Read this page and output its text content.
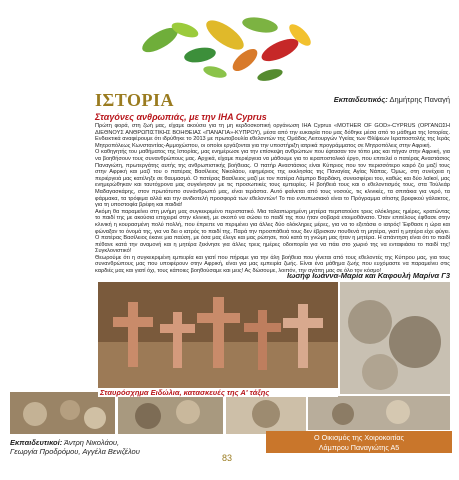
ΙΣΤΟΡΙΑ	Εκπαιδευτικός: Δημήτρης Παναγή
Σταγόνες ανθρωπιάς, με την IHA Cyprus

Πρώτη φορά, στη ζωή μας, είχαμε ακούσει για τη μη κερδοσκοπική οργάνωση IHA Cyprus «MOTHER OF GOD»-CYPRUS (ΟΡΓΑΝΩΣΗ ΔΙΕΘΝΟΥΣ ΑΝΘΡΩΠΙΣΤΙΚΗΣ ΒΟΗΘΕΙΑΣ «ΠΑΝΑΓΙΑ»-ΚΥΠΡΟΥ), μέσα από την ευκαιρία που μας δόθηκε μέσα από το μάθημα της Ιστορίας. Ενδεικτικά αναφέρουμε ότι ιδρύθηκε το 2013 με πρωτοβουλία εθελοντών της Ομάδας Λειτουργών Υγείας των Θλίψεων Ιεραποστολής της Ιεράς Μητροπόλεως Κωνσταντίας-Αμμοχώστου, οι οποίοι εργάζονται για την υποστήριξη ιατρικά προγράμματος σε Μητροπόλεις στην Αφρική.

Ο καθηγητής του μαθήματος της Ιστορίας, μας ενημέρωσε για την επίσκεψη ανθρώπων που έφτασαν τον τόπο μας και πήγαν στην Αφρική, για να βοηθήσουν τους συνανθρώπους μας. Αρχικά, είχαμε περιέργεια να μάθουμε για το ιεραποστολικό έργο, που επιτελεί ο πατέρας Αναστάσιος Παναγιώτη, πρωτεργάτης αυτής της ανθρωπιστικής βοήθειας. Ο πατήρ Αναστάσιος είναι Κύπριος που τον περισσότερο καιρό ζει μαζί τους στην Αφρική και μαζί του ο πατέρας Βασίλειος Νικολάου, εφημέριος της εκκλησίας της Παναγίας Αγίας Νάπας. Όμως, στη συνέχεια η περιέργειά μας κατέληξε σε θαυμασμό. Ο πατέρας Βασίλειος μαζί με τον πατέρα Λάμπρο Βαρδάκη, συνεισφέρει του, καθώς και δύο λαϊκοί, μας ενημερώθηκαν και ταυτόχρονα μας συγκίνησαν με τις προσωπικές τους εμπειρίες. Η βοήθειά τους και ο εθελοντισμός τους, στα Τούλεάρ Μαδαγασκάρης, στον πρωτότυπο συνάνθρωπό μας, είναι τεράστια. Αυτό φαίνεται από τους νοσούς, τις κλινικές, τα σπιτάκια για νερό, τα φάρμακα, τα τρόφιμα αλλά και την ανιδιοτελή προσφορά των εθελοντών! Το πιο εντυπωσιακό είναι το Πρόγραμμα σίτισης βρεφικού γάλακτος, για τη υποστοφία βρέφη και παιδιά!

Ακόμη θα παραμείνει στη μνήμη μας συγκεκριμένο περιστατικό. Μια ταλαιπωρημένη μητέρα περπατούσε τρεις ολόκληρες ημέρες, κρατώντας το παιδί της με ακούσια επιχειρεί στην κλινική, με σκοπό να σώσει το παιδί της που ήταν σοβαρά ετοιμοθάνατο. Όταν επιτέλους έφθασε στην κλινική η κουρασμένη πολύ πολλή, που έπρεπε να περιμένει για άλλες δύο ολόκληρες μέρες, για να το εξετάσει ο ιατρός! Έφθασε η ώρα και φώναξαν το όνομά της, για να δει ο ιατρός το παιδί της. Παρά την προσπάθειά τους δεν έβρισκαν πουθενά τη μητέρα, γιατί η μητέρα είχε φύγει. Ο πατέρας Βασίλειος έκανε μια παύση, με όσα μας έλεγε και μας ρώτησε, πού κατά τη γνώμη μας ήταν η μητέρα. Η απάντηση είναι ότι το παιδί πέθανε κατά την αναμονή και η μητέρα ξεκίνησε για άλλες τρεις ημέρες οδοιπορία για να πάει στο χωριό της να ενταφιάσει το παιδί της! Συγκλονιστικό!

Θεωρούμε ότι η συγκεκριμένη εμπειρία και γιατί που πήραμε για την άλη βοήθεια που γίνεται από τους εθελοντές της Κύπρου μας, για τους συνανθρώπους μας που υποφέρουν στην Αφρική, είναι για μας εμπειρία ζωής. Είναι ένα μάθημα ζωής που ευχόμαστε να παραμείνει στις καρδιές μας και γιατί όχι, τους κάποιες βοηθούσαμε και μεις! Ας δώσουμε, λοιπόν, την αγάπη μας σε όλο τον κόσμο!

Ιωσήφ Ιωάννα-Μαρία και Καφουλή Μαρίνα Γ3
Σταυρόσχημα Ειδώλια, κατασκευές της Α' τάξης
Εκπαιδευτικοί: Άντρη Νικολάου,
Γεωργία Προδρόμου, Αγγέλα Βενιζέλου
Ο Οικισμός της Χοιροκοιτίας
Λάμπρου Παναγιώτης Α5
83
